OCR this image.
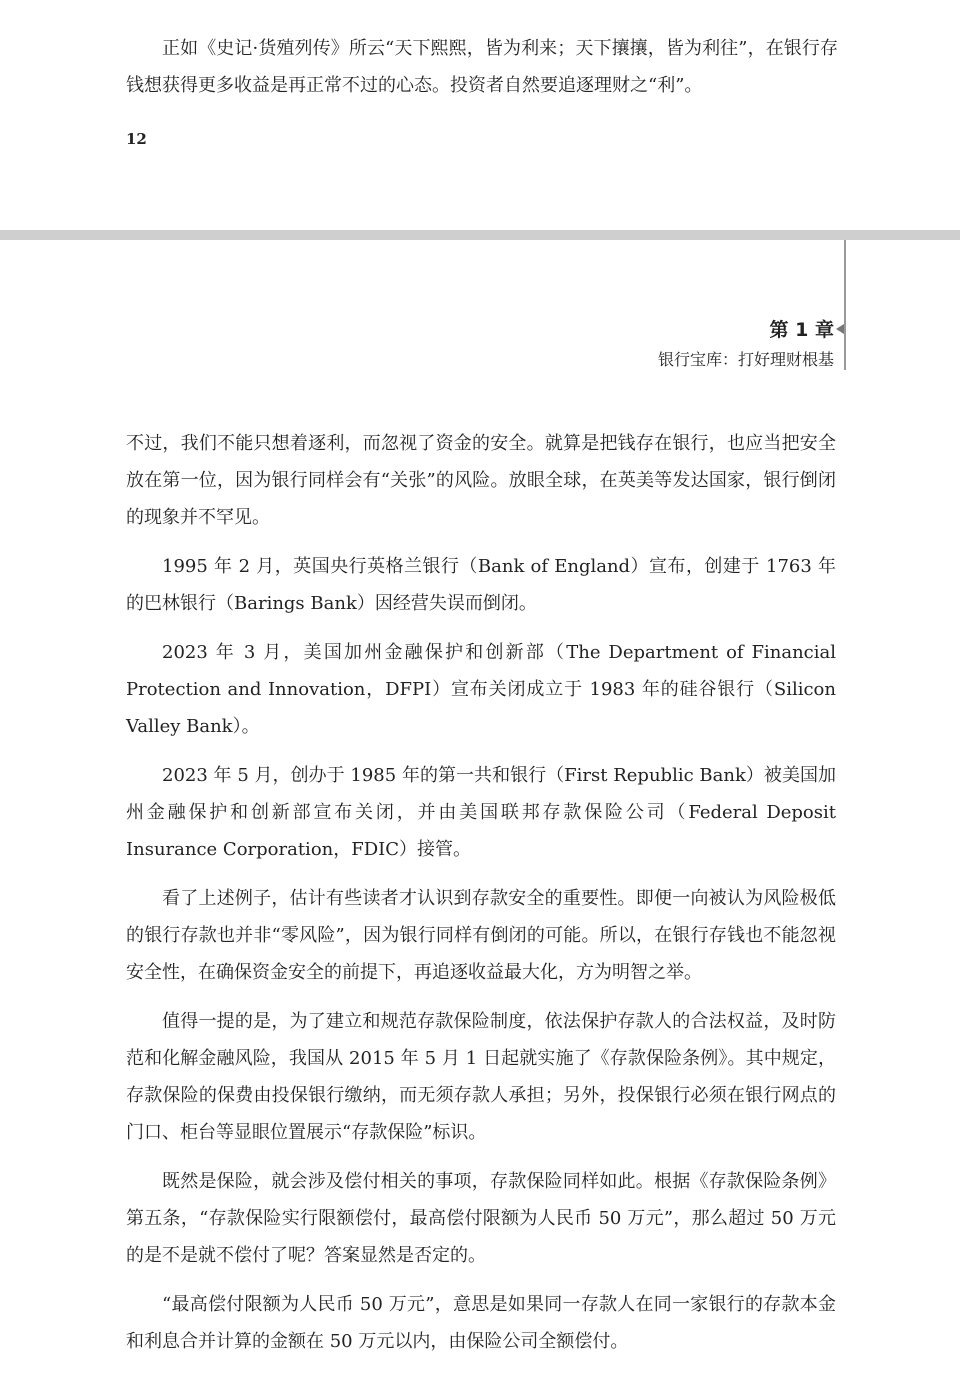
正如《史记·货殖列传》所云“天下熙熙，皆为利来；天下攘攘，皆为利往”，在银行存钱想获得更多收益是再正常不过的心态。投资者自然要追逐理财之“利”。

12
第 1 章
银行宝库：打好理财根基

不过，我们不能只想着逐利，而忽视了资金的安全。就算是把钱存在银行，也应当把安全放在第一位，因为银行同样会有“关张”的风险。放眼全球，在英美等发达国家，银行倒闭的现象并不罕见。

1995 年 2 月，英国央行英格兰银行（Bank of England）宣布，创建于 1763 年的巴林银行（Barings Bank）因经营失误而倒闭。

2023 年 3 月，美国加州金融保护和创新部（The Department of Financial Protection and Innovation，DFPI）宣布关闭成立于 1983 年的硅谷银行（Silicon Valley Bank）。

2023 年 5 月，创办于 1985 年的第一共和银行（First Republic Bank）被美国加州金融保护和创新部宣布关闭，并由美国联邦存款保险公司（Federal Deposit Insurance Corporation，FDIC）接管。

看了上述例子，估计有些读者才认识到存款安全的重要性。即便一向被认为风险极低的银行存款也并非“零风险”，因为银行同样有倒闭的可能。所以，在银行存钱也不能忽视安全性，在确保资金安全的前提下，再追逐收益最大化，方为明智之举。

值得一提的是，为了建立和规范存款保险制度，依法保护存款人的合法权益，及时防范和化解金融风险，我国从 2015 年 5 月 1 日起就实施了《存款保险条例》。其中规定，存款保险的保费由投保银行缴纳，而无须存款人承担；另外，投保银行必须在银行网点的门口、柜台等显眼位置展示“存款保险”标识。

既然是保险，就会涉及偿付相关的事项，存款保险同样如此。根据《存款保险条例》第五条，“存款保险实行限额偿付，最高偿付限额为人民币 50 万元”，那么超过 50 万元的是不是就不偿付了呢？答案显然是否定的。

“最高偿付限额为人民币 50 万元”，意思是如果同一存款人在同一家银行的存款本金和利息合并计算的金额在 50 万元以内，由保险公司全额偿付。
